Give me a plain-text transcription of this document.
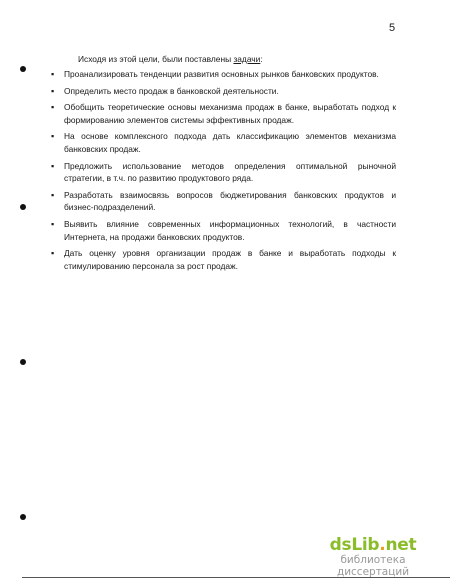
5
Исходя из этой цели, были поставлены задачи:
▪ Проанализировать тенденции развития основных рынков банковских продуктов.
▪ Определить место продаж в банковской деятельности.
▪ Обобщить теоретические основы механизма продаж в банке, выработать подход к формированию элементов системы эффективных продаж.
▪ На основе комплексного подхода дать классификацию элементов механизма банковских продаж.
▪ Предложить использование методов определения оптимальной рыночной стратегии, в т.ч. по развитию продуктового ряда.
▪ Разработать взаимосвязь вопросов бюджетирования банковских продуктов и бизнес-подразделений.
▪ Выявить влияние современных информационных технологий, в частности Интернета, на продажи банковских продуктов.
▪ Дать оценку уровня организации продаж в банке и выработать подходы к стимулированию персонала за рост продаж.
dsLib.net
библиотека диссертаций
